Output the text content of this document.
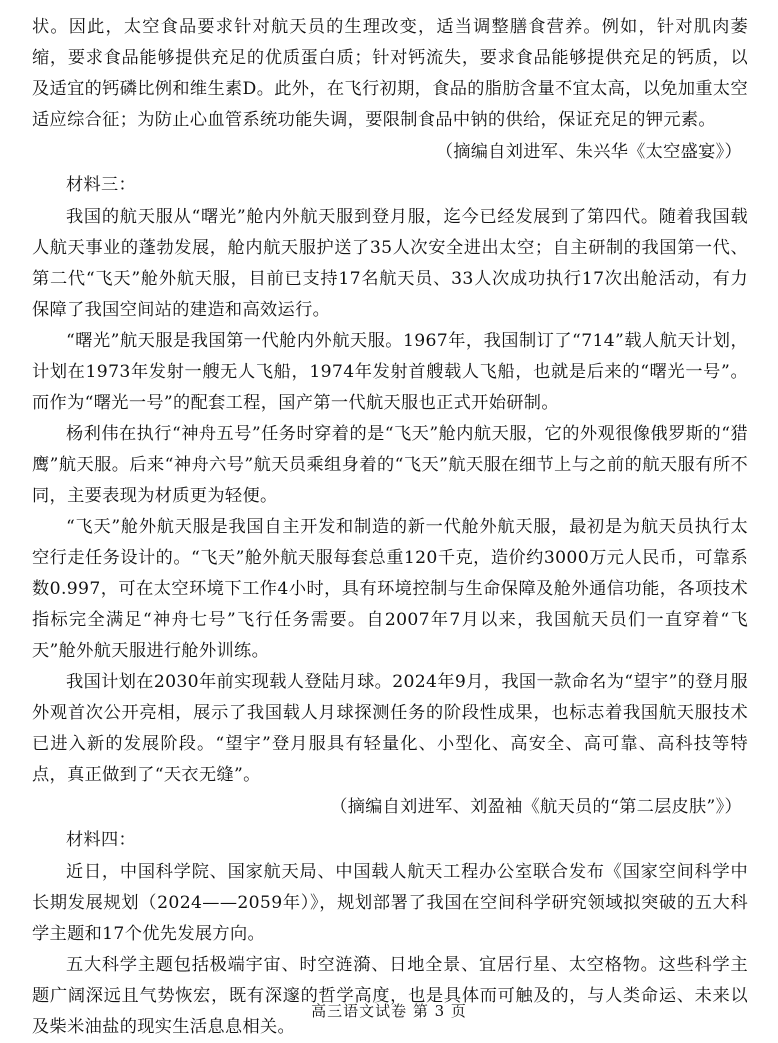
状。因此，太空食品要求针对航天员的生理改变，适当调整膳食营养。例如，针对肌肉萎缩，要求食品能够提供充足的优质蛋白质；针对钙流失，要求食品能够提供充足的钙质，以及适宜的钙磷比例和维生素D。此外，在飞行初期，食品的脂肪含量不宜太高，以免加重太空适应综合征；为防止心血管系统功能失调，要限制食品中钠的供给，保证充足的钾元素。

（摘编自刘进军、朱兴华《太空盛宴》）

材料三：

我国的航天服从“曙光”舱内外航天服到登月服，迄今已经发展到了第四代。随着我国载人航天事业的蓬勃发展，舱内航天服护送了35人次安全进出太空；自主研制的我国第一代、第二代“飞天”舱外航天服，目前已支持17名航天员、33人次成功执行17次出舱活动，有力保障了我国空间站的建造和高效运行。

“曙光”航天服是我国第一代舱内外航天服。1967年，我国制订了“714”载人航天计划，计划在1973年发射一艘无人飞船，1974年发射首艘载人飞船，也就是后来的“曙光一号”。而作为“曙光一号”的配套工程，国产第一代航天服也正式开始研制。

杨利伟在执行“神舟五号”任务时穿着的是“飞天”舱内航天服，它的外观很像俄罗斯的“猎鹰”航天服。后来“神舟六号”航天员乘组身着的“飞天”航天服在细节上与之前的航天服有所不同，主要表现为材质更为轻便。

“飞天”舱外航天服是我国自主开发和制造的新一代舱外航天服，最初是为航天员执行太空行走任务设计的。“飞天”舱外航天服每套总重120千克，造价约3000万元人民币，可靠系数0.997，可在太空环境下工作4小时，具有环境控制与生命保障及舱外通信功能，各项技术指标完全满足“神舟七号”飞行任务需要。自2007年7月以来，我国航天员们一直穿着“飞天”舱外航天服进行舱外训练。

我国计划在2030年前实现载人登陆月球。2024年9月，我国一款命名为“望宇”的登月服外观首次公开亮相，展示了我国载人月球探测任务的阶段性成果，也标志着我国航天服技术已进入新的发展阶段。“望宇”登月服具有轻量化、小型化、高安全、高可靠、高科技等特点，真正做到了“天衣无缝”。

（摘编自刘进军、刘盈袖《航天员的“第二层皮肤”》）

材料四：

近日，中国科学院、国家航天局、中国载人航天工程办公室联合发布《国家空间科学中长期发展规划（2024——2059年）》，规划部署了我国在空间科学研究领域拟突破的五大科学主题和17个优先发展方向。

五大科学主题包括极端宇宙、时空涟漪、日地全景、宜居行星、太空格物。这些科学主题广阔深远且气势恢宏，既有深邃的哲学高度，也是具体而可触及的，与人类命运、未来以及柴米油盐的现实生活息息相关。

高三语文试卷 第 3 页
